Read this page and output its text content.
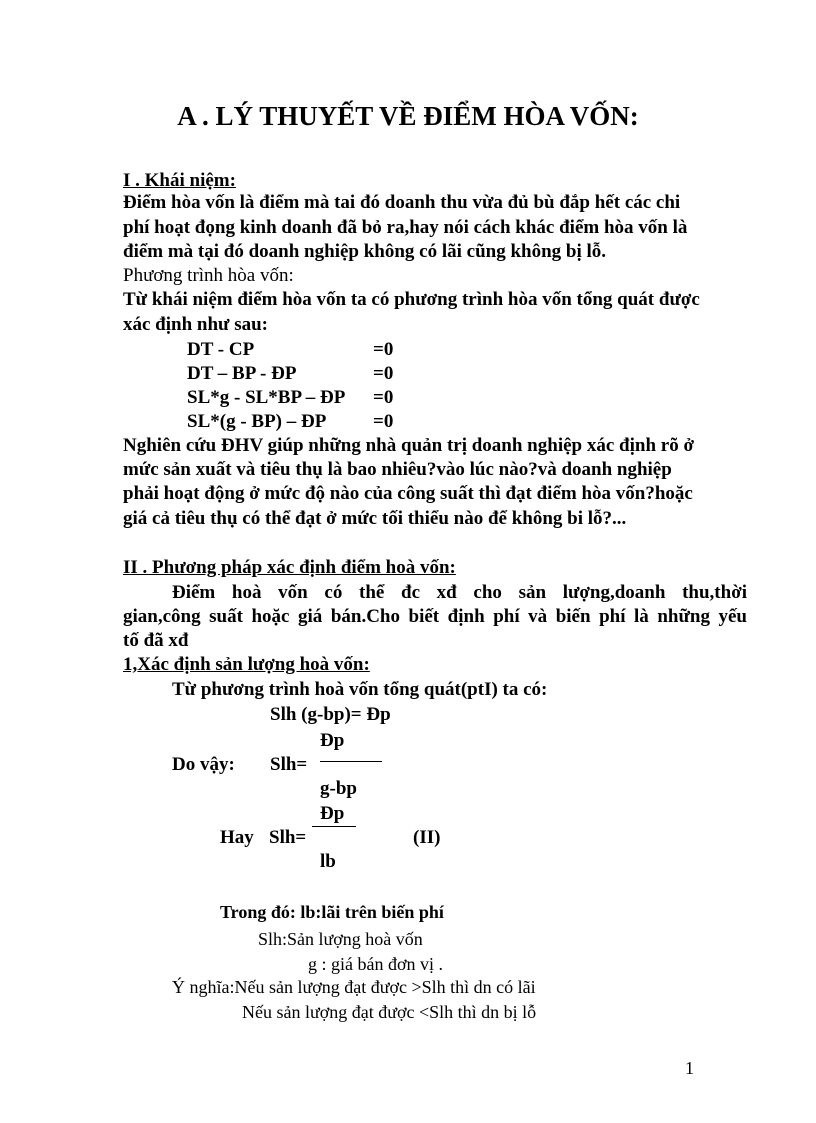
A . LÝ THUYẾT VỀ ĐIỂM HÒA VỐN:
I . Khái niệm:
Điểm hòa vốn là điểm mà tai đó doanh thu vừa đủ bù đắp hết các chi
phí hoạt đọng kinh doanh đã bỏ ra,hay nói cách khác điểm hòa vốn là
điểm mà tại đó doanh nghiệp không có lãi cũng không bị lỗ.
Phương trình hòa vốn:
Từ khái niệm điểm hòa vốn ta có phương trình hòa vốn tổng quát được
xác định như sau:
DT - CP	=0
DT – BP - ĐP	=0
SL*g - SL*BP – ĐP =0
SL*(g - BP) – ĐP =0
Nghiên cứu ĐHV giúp những nhà quản trị doanh nghiệp xác định rõ ở
mức sản xuất và tiêu thụ là bao nhiêu?vào lúc nào?và doanh nghiệp
phải hoạt động ở mức độ nào của công suất thì đạt điểm hòa vốn?hoặc
giá cả tiêu thụ có thể đạt ở mức tối thiểu nào để không bi lỗ?...
II . Phương pháp xác định điểm hoà vốn:
Điểm hoà vốn có thể đc xđ cho sản lượng,doanh thu,thời
gian,công suất hoặc giá bán.Cho biết định phí và biến phí là những yếu
tố đã xđ
1,Xác định sản lượng hoà vốn:
Từ phương trình hoà vốn tổng quát(ptI) ta có:
Slh (g-bp)= Đp
Đp
Do vậy: Slh=
g-bp
Đp
Hay Slh=	(II)
lb
Trong đó: lb:lãi trên biến phí
Slh:Sản lượng hoà vốn
g : giá bán đơn vị .
Ý nghĩa:Nếu sản lượng đạt được >Slh thì dn có lãi
Nếu sản lượng đạt được <Slh thì dn bị lỗ
1
